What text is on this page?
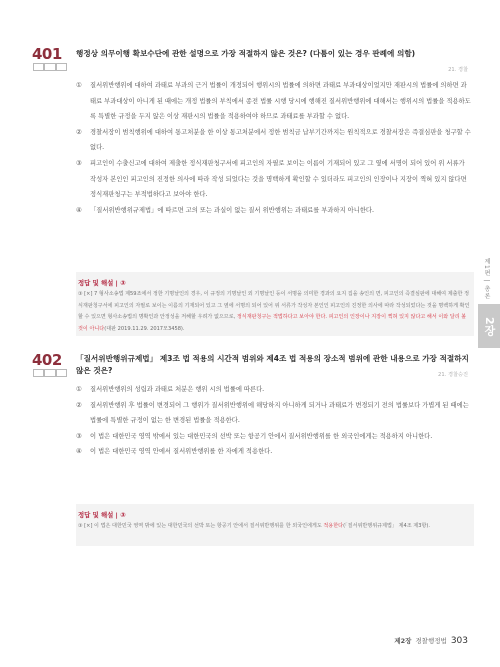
401 행정상 의무이행 확보수단에 관한 설명으로 가장 적절하지 않은 것은? (다툼이 있는 경우 판례에 의함)
21. 경찰
①	질서위반행위에 대하여 과태료 부과의 근거 법률이 개정되어 행위시의 법률에 의하면 과태료 부과대상이었지만 재판시의 법률에 의하면 과태료 부과대상이 아니게 된 때에는 개정 법률의 부칙에서 종전 법률 시행 당시에 행해진 질서위반행위에 대해서는 행위시의 법률을 적용하도록 특별한 규정을 두지 않은 이상 재판시의 법률을 적용하여야 하므로 과태료를 부과할 수 없다.
②	경찰서장이 범칙행위에 대하여 통고처분을 한 이상 통고처분에서 정한 범칙금 납부기간까지는 원칙적으로 경찰서장은 즉결심판을 청구할 수 없다.
③	피고인이 수출신고에 대하여 제출한 정식재판청구서에 피고인의 자필로 보이는 이름이 기재되어 있고 그 옆에 서명이 되어 있어 위 서류가 작성자 본인인 피고인의 진정한 의사에 따라 작성 되었다는 것을 명백하게 확인할 수 있더라도 피고인의 인장이나 지장이 찍혀 있지 않다면 정식재판청구는 부적법하다고 보아야 한다.
④	「질서위반행위규제법」에 따르면 고의 또는 과실이 없는 질서 위반행위는 과태료를 부과하지 아니한다.
정답 및 해설 | ③
③ [×] 7 형사소송법 제59조에서 정한 기명날인의 경우, 이 규정의 기명날인 외 기명날인 등이 서명을 의미한 경과의 요지 집을 송인의 면, 피고인의 즉결심판에 대해여 제출한 정식재판청구서에 피고인의 자필로 보이는 이름의 기재되어 있고 그 옆에 서명의 되어 있어 위 서류가 작성자 본인인 피고인의 진정한 의사에 따라 작성되었다는 것을 명백하게 확인할 수 있으면 형사소송법의 명확인과 안정성을 저해할 우려가 없으므로, 정식재판청구는 적법하다고 보아야 한다. 피고인의 인장이나 지장이 찍혀 있지 않다고 해서 이와 달리 볼 것이 아니다(대판 2019.11.29. 2017모3458).
402 「질서위반행위규제법」 제3조 법 적용의 시간적 범위와 제4조 법 적용의 장소적 범위에 관한 내용으로 가장 적절하지 않은 것은?	21. 경찰승진
①	질서위반행위의 성립과 과태료 처분은 행위 시의 법률에 따른다.
②	질서위반행위 후 법률이 변경되어 그 행위가 질서위반행위에 해당하지 아니하게 되거나 과태료가 변경되기 전의 법률보다 가볍게 된 때에는 법률에 특별한 규정이 없는 한 변경된 법률을 적용한다.
③	이 법은 대한민국 영역 밖에서 있는 대한민국의 선박 또는 항공기 안에서 질서위반행위를 한 외국인에게는 적용하지 아니한다.
④	이 법은 대한민국 영역 안에서 질서위반행위를 한 자에게 적용한다.
정답 및 해설 | ③
③ [×] 이 법은 대한민국 영역 밖에 있는 대한민국의 선박 또는 항공기 안에서 질서위반행위를 한 외국인에게도 적용한다(「질서위반행위규제법」 제4조 제3항).
제1편 | 총론
2장
제2장 경찰행정법 303
